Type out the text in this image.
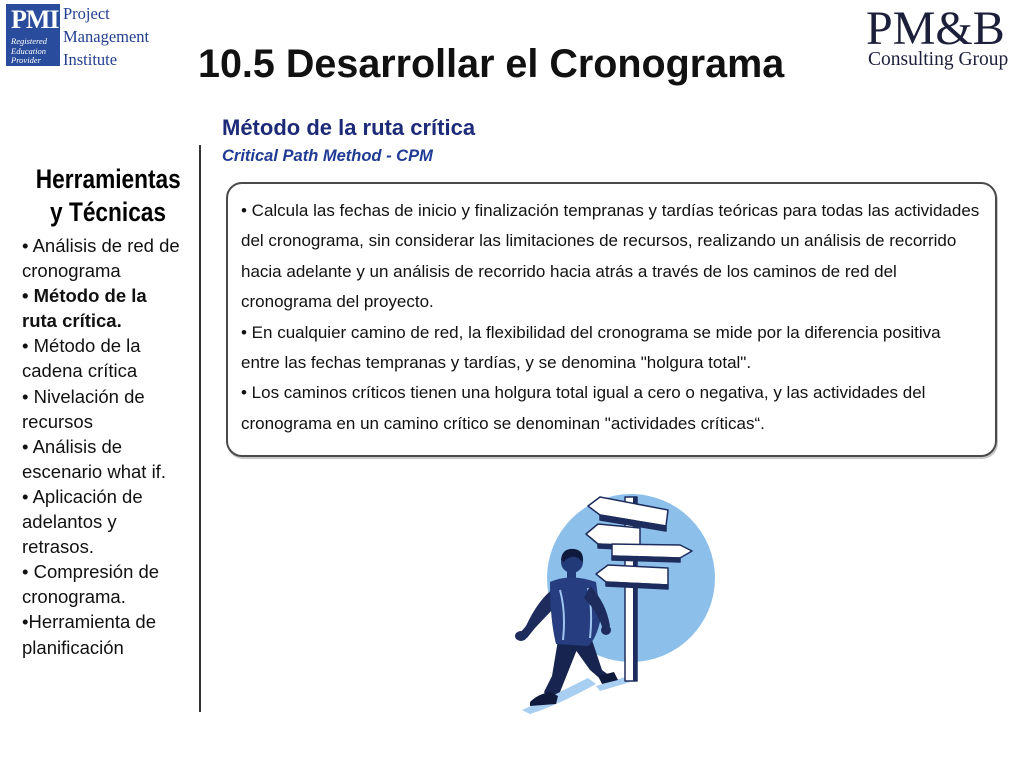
PMI
Registered
Education
Provider
Project
Management
Institute
PM&B
Consulting Group
10.5 Desarrollar el Cronograma
Método de la ruta crítica
Critical Path Method - CPM
Herramientas
y Técnicas
• Análisis de red de
cronograma
• Método de la
ruta crítica.
• Método de la
cadena crítica
• Nivelación de
recursos
• Análisis de
escenario what if.
• Aplicación de
adelantos y
retrasos.
• Compresión de
cronograma.
•Herramienta de
planificación
• Calcula las fechas de inicio y finalización tempranas y tardías teóricas para todas las actividades
del cronograma, sin considerar las limitaciones de recursos, realizando un análisis de recorrido
hacia adelante y un análisis de recorrido hacia atrás a través de los caminos de red del
cronograma del proyecto.
• En cualquier camino de red, la flexibilidad del cronograma se mide por la diferencia positiva
entre las fechas tempranas y tardías, y se denomina "holgura total".
• Los caminos críticos tienen una holgura total igual a cero o negativa, y las actividades del
cronograma en un camino crítico se denominan "actividades críticas“.
